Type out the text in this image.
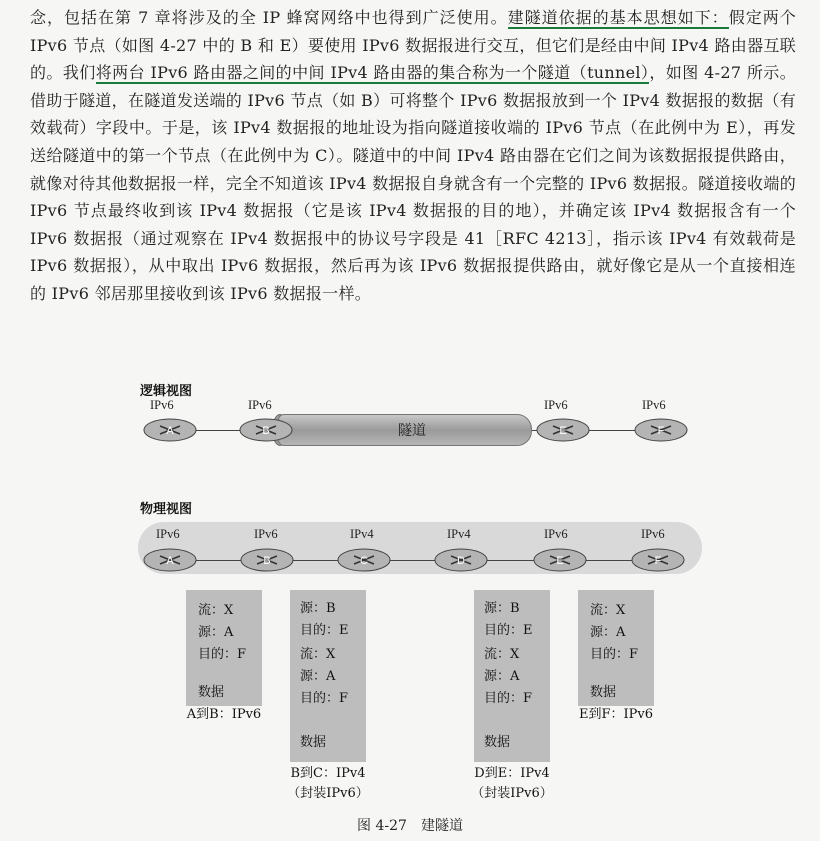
念，包括在第 7 章将涉及的全 IP 蜂窝网络中也得到广泛使用。建隧道依据的基本思想如下：假定两个 IPv6 节点（如图 4-27 中的 B 和 E）要使用 IPv6 数据报进行交互，但它们是经由中间 IPv4 路由器互联的。我们将两台 IPv6 路由器之间的中间 IPv4 路由器的集合称为一个隧道（tunnel），如图 4-27 所示。借助于隧道，在隧道发送端的 IPv6 节点（如 B）可将整个 IPv6 数据报放到一个 IPv4 数据报的数据（有效载荷）字段中。于是，该 IPv4 数据报的地址设为指向隧道接收端的 IPv6 节点（在此例中为 E），再发送给隧道中的第一个节点（在此例中为 C）。隧道中的中间 IPv4 路由器在它们之间为该数据报提供路由，就像对待其他数据报一样，完全不知道该 IPv4 数据报自身就含有一个完整的 IPv6 数据报。隧道接收端的 IPv6 节点最终收到该 IPv4 数据报（它是该 IPv4 数据报的目的地），并确定该 IPv4 数据报含有一个 IPv6 数据报（通过观察在 IPv4 数据报中的协议号字段是 41［RFC 4213］，指示该 IPv4 有效载荷是 IPv6 数据报），从中取出 IPv6 数据报，然后再为该 IPv6 数据报提供路由，就好像它是从一个直接相连的 IPv6 邻居那里接收到该 IPv6 数据报一样。
逻辑视图
隧道
IPv6	IPv6	IPv6	IPv6
A	B	E	F
物理视图
IPv6	IPv6	IPv4	IPv4	IPv6	IPv6
A	B	C	D	E	F
流：X
源：A
目的：F
数据
A到B：IPv6
源：B
目的：E
流：X
源：A
目的：F
数据
B到C：IPv4
（封装IPv6）
源：B
目的：E
流：X
源：A
目的：F
数据
D到E：IPv4
（封装IPv6）
流：X
源：A
目的：F
数据
E到F：IPv6
图 4-27　建隧道
